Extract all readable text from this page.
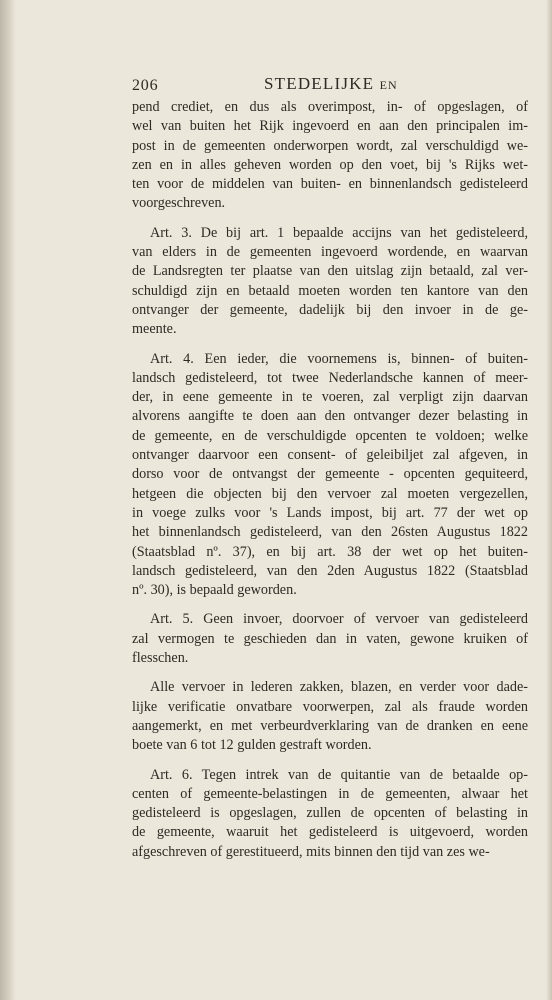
206	STEDELIJKE EN
pend crediet, en dus als overimpost, in- of opgeslagen, of
wel van buiten het Rijk ingevoerd en aan den principalen im-
post in de gemeenten onderworpen wordt, zal verschuldigd we-
zen en in alles geheven worden op den voet, bij 's Rijks wet-
ten voor de middelen van buiten- en binnenlandsch gedisteleerd
voorgeschreven.
Art. 3. De bij art. 1 bepaalde accijns van het gedisteleerd,
van elders in de gemeenten ingevoerd wordende, en waarvan
de Landsregten ter plaatse van den uitslag zijn betaald, zal ver-
schuldigd zijn en betaald moeten worden ten kantore van den
ontvanger der gemeente, dadelijk bij den invoer in de ge-
meente.
Art. 4. Een ieder, die voornemens is, binnen- of buiten-
landsch gedisteleerd, tot twee Nederlandsche kannen of meer-
der, in eene gemeente in te voeren, zal verpligt zijn daarvan
alvorens aangifte te doen aan den ontvanger dezer belasting in
de gemeente, en de verschuldigde opcenten te voldoen; welke
ontvanger daarvoor een consent- of geleibiljet zal afgeven, in
dorso voor de ontvangst der gemeente - opcenten gequiteerd,
hetgeen die objecten bij den vervoer zal moeten vergezellen,
in voege zulks voor 's Lands impost, bij art. 77 der wet op
het binnenlandsch gedisteleerd, van den 26sten Augustus 1822
(Staatsblad nº. 37), en bij art. 38 der wet op het buiten-
landsch gedisteleerd, van den 2den Augustus 1822 (Staatsblad
nº. 30), is bepaald geworden.
Art. 5. Geen invoer, doorvoer of vervoer van gedisteleerd
zal vermogen te geschieden dan in vaten, gewone kruiken of
flesschen.
Alle vervoer in lederen zakken, blazen, en verder voor dade-
lijke verificatie onvatbare voorwerpen, zal als fraude worden
aangemerkt, en met verbeurdverklaring van de dranken en eene
boete van 6 tot 12 gulden gestraft worden.
Art. 6. Tegen intrek van de quitantie van de betaalde op-
centen of gemeente-belastingen in de gemeenten, alwaar het
gedisteleerd is opgeslagen, zullen de opcenten of belasting in
de gemeente, waaruit het gedisteleerd is uitgevoerd, worden
afgeschreven of gerestitueerd, mits binnen den tijd van zes we-
